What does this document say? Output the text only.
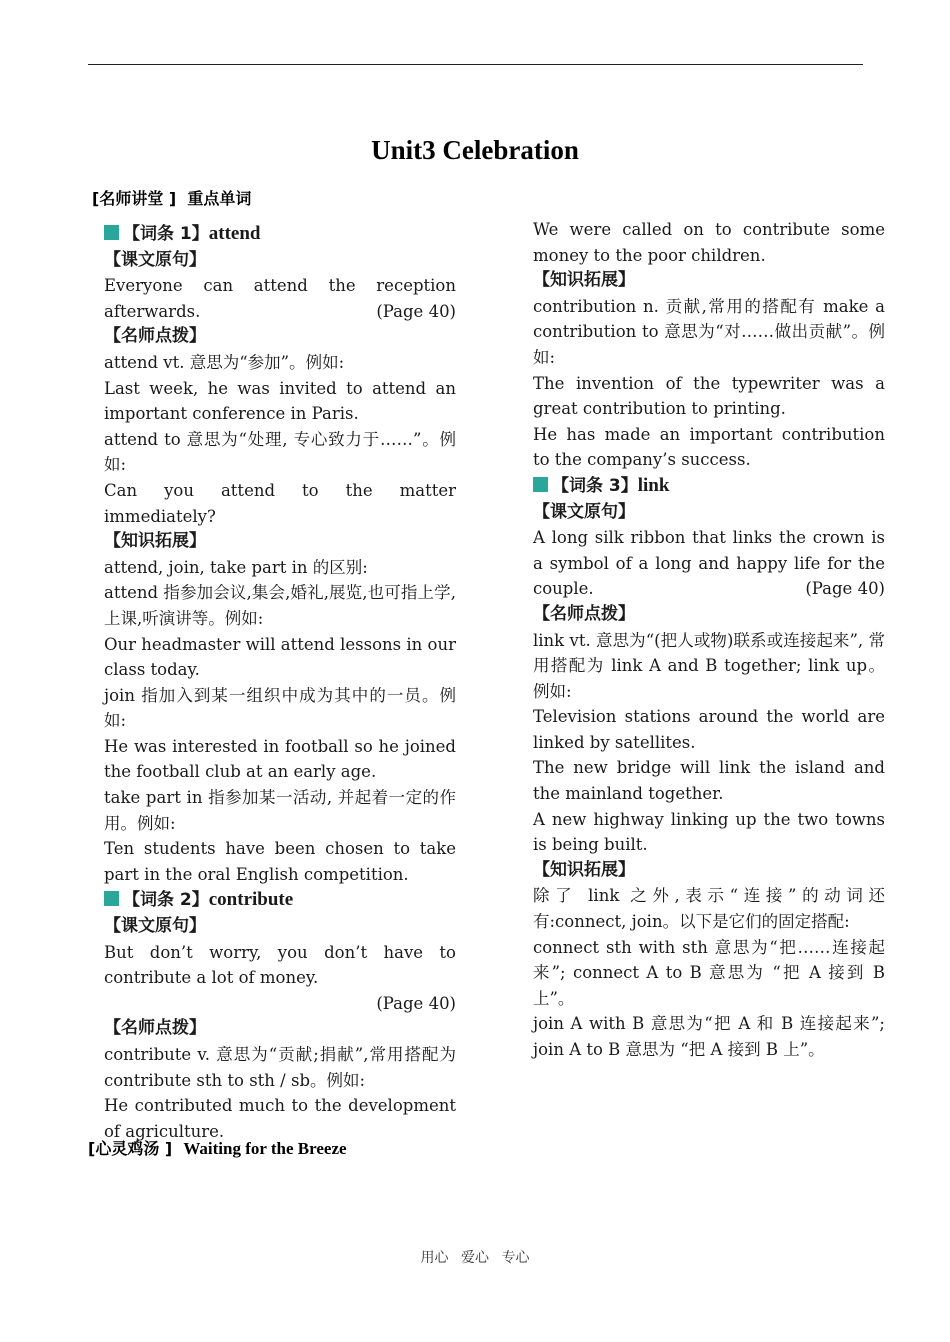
Unit3 Celebration
[名师讲堂 ] 重点单词
【词条 1】attend

【课文原句】

Everyone can attend the reception afterwards.	(Page 40)

【名师点拨】

attend vt. 意思为“参加”。例如:

Last week, he was invited to attend an important conference in Paris.

attend to 意思为“处理, 专心致力于……”。例如:

Can you attend to the matter immediately?

【知识拓展】

attend, join, take part in 的区别:

attend 指参加会议,集会,婚礼,展览,也可指上学,上课,听演讲等。例如:

Our headmaster will attend lessons in our class today.

join 指加入到某一组织中成为其中的一员。例如:

He was interested in football so he joined the football club at an early age.

take part in 指参加某一活动, 并起着一定的作用。例如:

Ten students have been chosen to take part in the oral English competition.

【词条 2】contribute

【课文原句】

But don’t worry, you don’t have to contribute a lot of money.

(Page 40)

【名师点拨】

contribute v. 意思为“贡献;捐献”,常用搭配为 contribute sth to sth / sb。例如:

He contributed much to the development of agriculture.

We were called on to contribute some money to the poor children.

【知识拓展】

contribution n. 贡献,常用的搭配有 make a contribution to 意思为“对……做出贡献”。例如:

The invention of the typewriter was a great contribution to printing.

He has made an important contribution to the company’s success.

【词条 3】link

【课文原句】

A long silk ribbon that links the crown is a symbol of a long and happy life for the couple.	(Page 40)

【名师点拨】

link vt. 意思为“(把人或物)联系或连接起来”, 常用搭配为 link A and B together; link up。 例如:

Television stations around the world are linked by satellites.

The new bridge will link the island and the mainland together.

A new highway linking up the two towns is being built.

【知识拓展】

除了 link 之外,表示“连接”的动词还有:connect, join。以下是它们的固定搭配:

connect sth with sth 意思为“把……连接起来”; connect A to B 意思为 “把 A 接到 B 上”。

join A with B 意思为“把 A 和 B 连接起来”; join A to B 意思为 “把 A 接到 B 上”。

[心灵鸡汤 ] Waiting for the Breeze
用心 爱心 专心
